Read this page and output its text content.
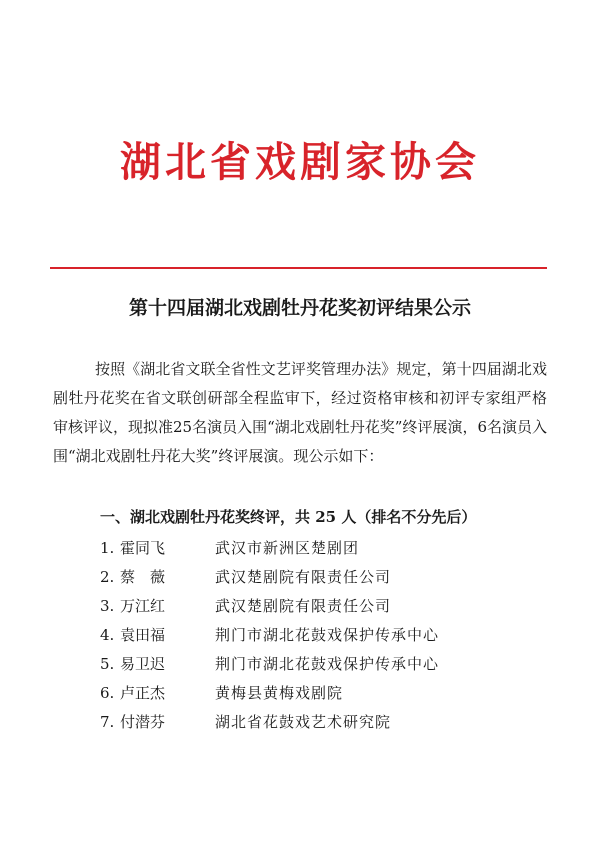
湖北省戏剧家协会
第十四届湖北戏剧牡丹花奖初评结果公示

按照《湖北省文联全省性文艺评奖管理办法》规定，第十四届湖北戏剧牡丹花奖在省文联创研部全程监审下，经过资格审核和初评专家组严格审核评议，现拟准25名演员入围“湖北戏剧牡丹花奖”终评展演，6名演员入围“湖北戏剧牡丹花大奖”终评展演。现公示如下：

一、湖北戏剧牡丹花奖终评，共 25 人（排名不分先后）
1. 霍同飞	武汉市新洲区楚剧团
2. 蔡　薇	武汉楚剧院有限责任公司
3. 万江红	武汉楚剧院有限责任公司
4. 袁田福	荆门市湖北花鼓戏保护传承中心
5. 易卫迟	荆门市湖北花鼓戏保护传承中心
6. 卢正杰	黄梅县黄梅戏剧院
7. 付潜芬	湖北省花鼓戏艺术研究院
